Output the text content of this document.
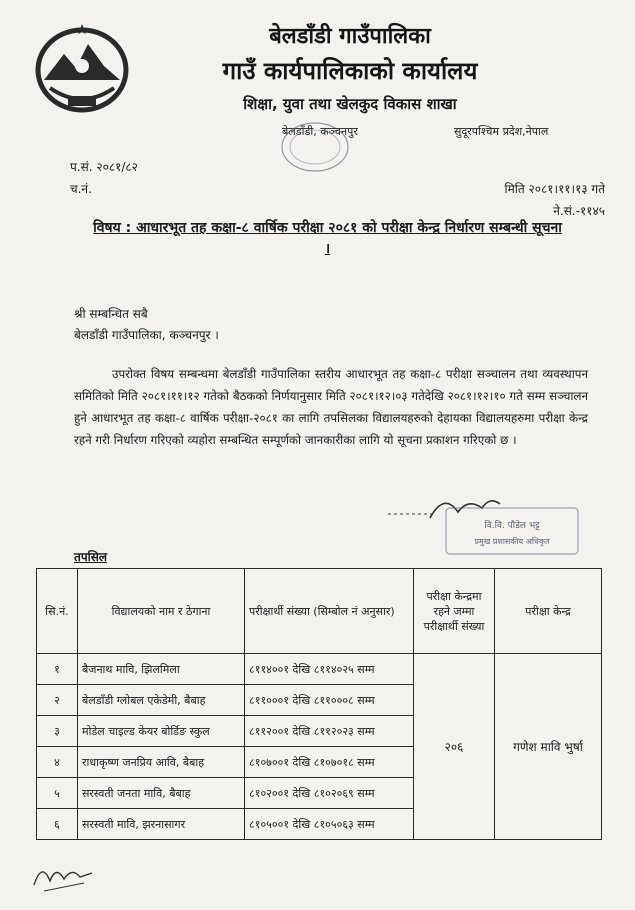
बेलडाँडी गाउँपालिका
गाउँ कार्यपालिकाको कार्यालय
शिक्षा, युवा तथा खेलकुद विकास शाखा
बेलडाँडी, कञ्चनपुर	सुदूरपश्चिम प्रदेश,नेपाल
प.सं. २०८१/८२
च.नं.	मिति २०८१।११।१३ गते
ने.सं.-११४५
विषय : आधारभूत तह कक्षा-८ वार्षिक परीक्षा २०८१ को परीक्षा केन्द्र निर्धारण सम्बन्धी सूचना ।
श्री सम्बन्धित सबै
बेलडाँडी गाउँपालिका, कञ्चनपुर ।
उपरोक्त विषय सम्बन्धमा बेलडाँडी गाउँपालिका स्तरीय आधारभूत तह कक्षा-८ परीक्षा सञ्चालन तथा व्यवस्थापन समितिको मिति २०८१।११।१२ गतेको बैठकको निर्णयानुसार मिति २०८१।१२।०३ गतेदेखि २०८१।१२।१० गते सम्म सञ्चालन हुने आधारभूत तह कक्षा-८ वार्षिक परीक्षा-२०८१ का लागि तपसिलका विद्यालयहरुको देहायका विद्यालयहरुमा परीक्षा केन्द्र रहने गरी निर्धारण गरिएको व्यहोरा सम्बन्धित सम्पूर्णको जानकारीका लागि यो सूचना प्रकाशन गरिएको छ ।
वि.वि. पौडेल भट्ट
प्रमुख प्रशासकीय अधिकृत
तपसिल
सि.नं.	विद्यालयको नाम र ठेगाना	परीक्षार्थी संख्या (सिम्बोल नं अनुसार)	परीक्षा केन्द्रमा रहने जम्मा परीक्षार्थी संख्या	परीक्षा केन्द्र
१	बैजनाथ मावि, झिलमिला	८११४००१ देखि ८११४०२५ सम्म	२०६	गणेश मावि भुर्षा
२	बेलडाँडी ग्लोबल एकेडेमी, बैबाह	८११०००१ देखि ८११०००८ सम्म		
३	मोडेल चाइल्ड केयर बोर्डिङ स्कुल	८११२००१ देखि ८११२०२३ सम्म		
४	राधाकृष्ण जनप्रिय आवि, बैबाह	८१०७००१ देखि ८१०७०१८ सम्म		
५	सरस्वती जनता मावि, बैबाह	८१०२००१ देखि ८१०२०६९ सम्म		
६	सरस्वती मावि, झरनासागर	८१०५००१ देखि ८१०५०६३ सम्म		
